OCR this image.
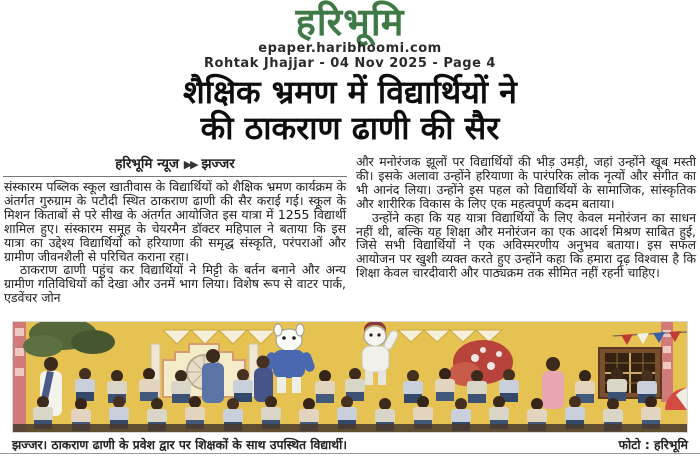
हरिभूमि
epaper.haribhoomi.com
Rohtak Jhajjar - 04 Nov 2025 - Page 4
शैक्षिक भ्रमण में विद्यार्थियों ने
की ठाकराण ढाणी की सैर
हरिभूमि न्यूज ▶▶ झज्जर

संस्कारम पब्लिक स्कूल खातीवास के विद्यार्थियों को शैक्षिक भ्रमण कार्यक्रम के अंतर्गत गुरुग्राम के पटौदी स्थित ठाकराण ढाणी की सैर कराई गई। स्कूल के मिशन किताबों से परे सीख के अंतर्गत आयोजित इस यात्रा में 1255 विद्यार्थी शामिल हुए। संस्कारम समूह के चेयरमैन डॉक्टर महिपाल ने बताया कि इस यात्रा का उद्देश्य विद्यार्थियों को हरियाणा की समृद्ध संस्कृति, परंपराओं और ग्रामीण जीवनशैली से परिचित कराना रहा।

ठाकराण ढाणी पहुंच कर विद्यार्थियों ने मिट्टी के बर्तन बनाने और अन्य ग्रामीण गतिविधियों को देखा और उनमें भाग लिया। विशेष रूप से वाटर पार्क, एडवेंचर जोन

और मनोरंजक झूलों पर विद्यार्थियों की भीड़ उमड़ी, जहां उन्होंने खूब मस्ती की। इसके अलावा उन्होंने हरियाणा के पारंपरिक लोक नृत्यों और संगीत का भी आनंद लिया। उन्होंने इस पहल को विद्यार्थियों के सामाजिक, सांस्कृतिक और शारीरिक विकास के लिए एक महत्वपूर्ण कदम बताया।

उन्होंने कहा कि यह यात्रा विद्यार्थियों के लिए केवल मनोरंजन का साधन नहीं थी, बल्कि यह शिक्षा और मनोरंजन का एक आदर्श मिश्रण साबित हुई, जिसे सभी विद्यार्थियों ने एक अविस्मरणीय अनुभव बताया। इस सफल आयोजन पर खुशी व्यक्त करते हुए उन्होंने कहा कि हमारा दृढ़ विश्वास है कि शिक्षा केवल चारदीवारी और पाठ्यक्रम तक सीमित नहीं रहनी चाहिए।

झज्जर। ठाकराण ढाणी के प्रवेश द्वार पर शिक्षकों के साथ उपस्थित विद्यार्थी।	फोटो : हरिभूमि
